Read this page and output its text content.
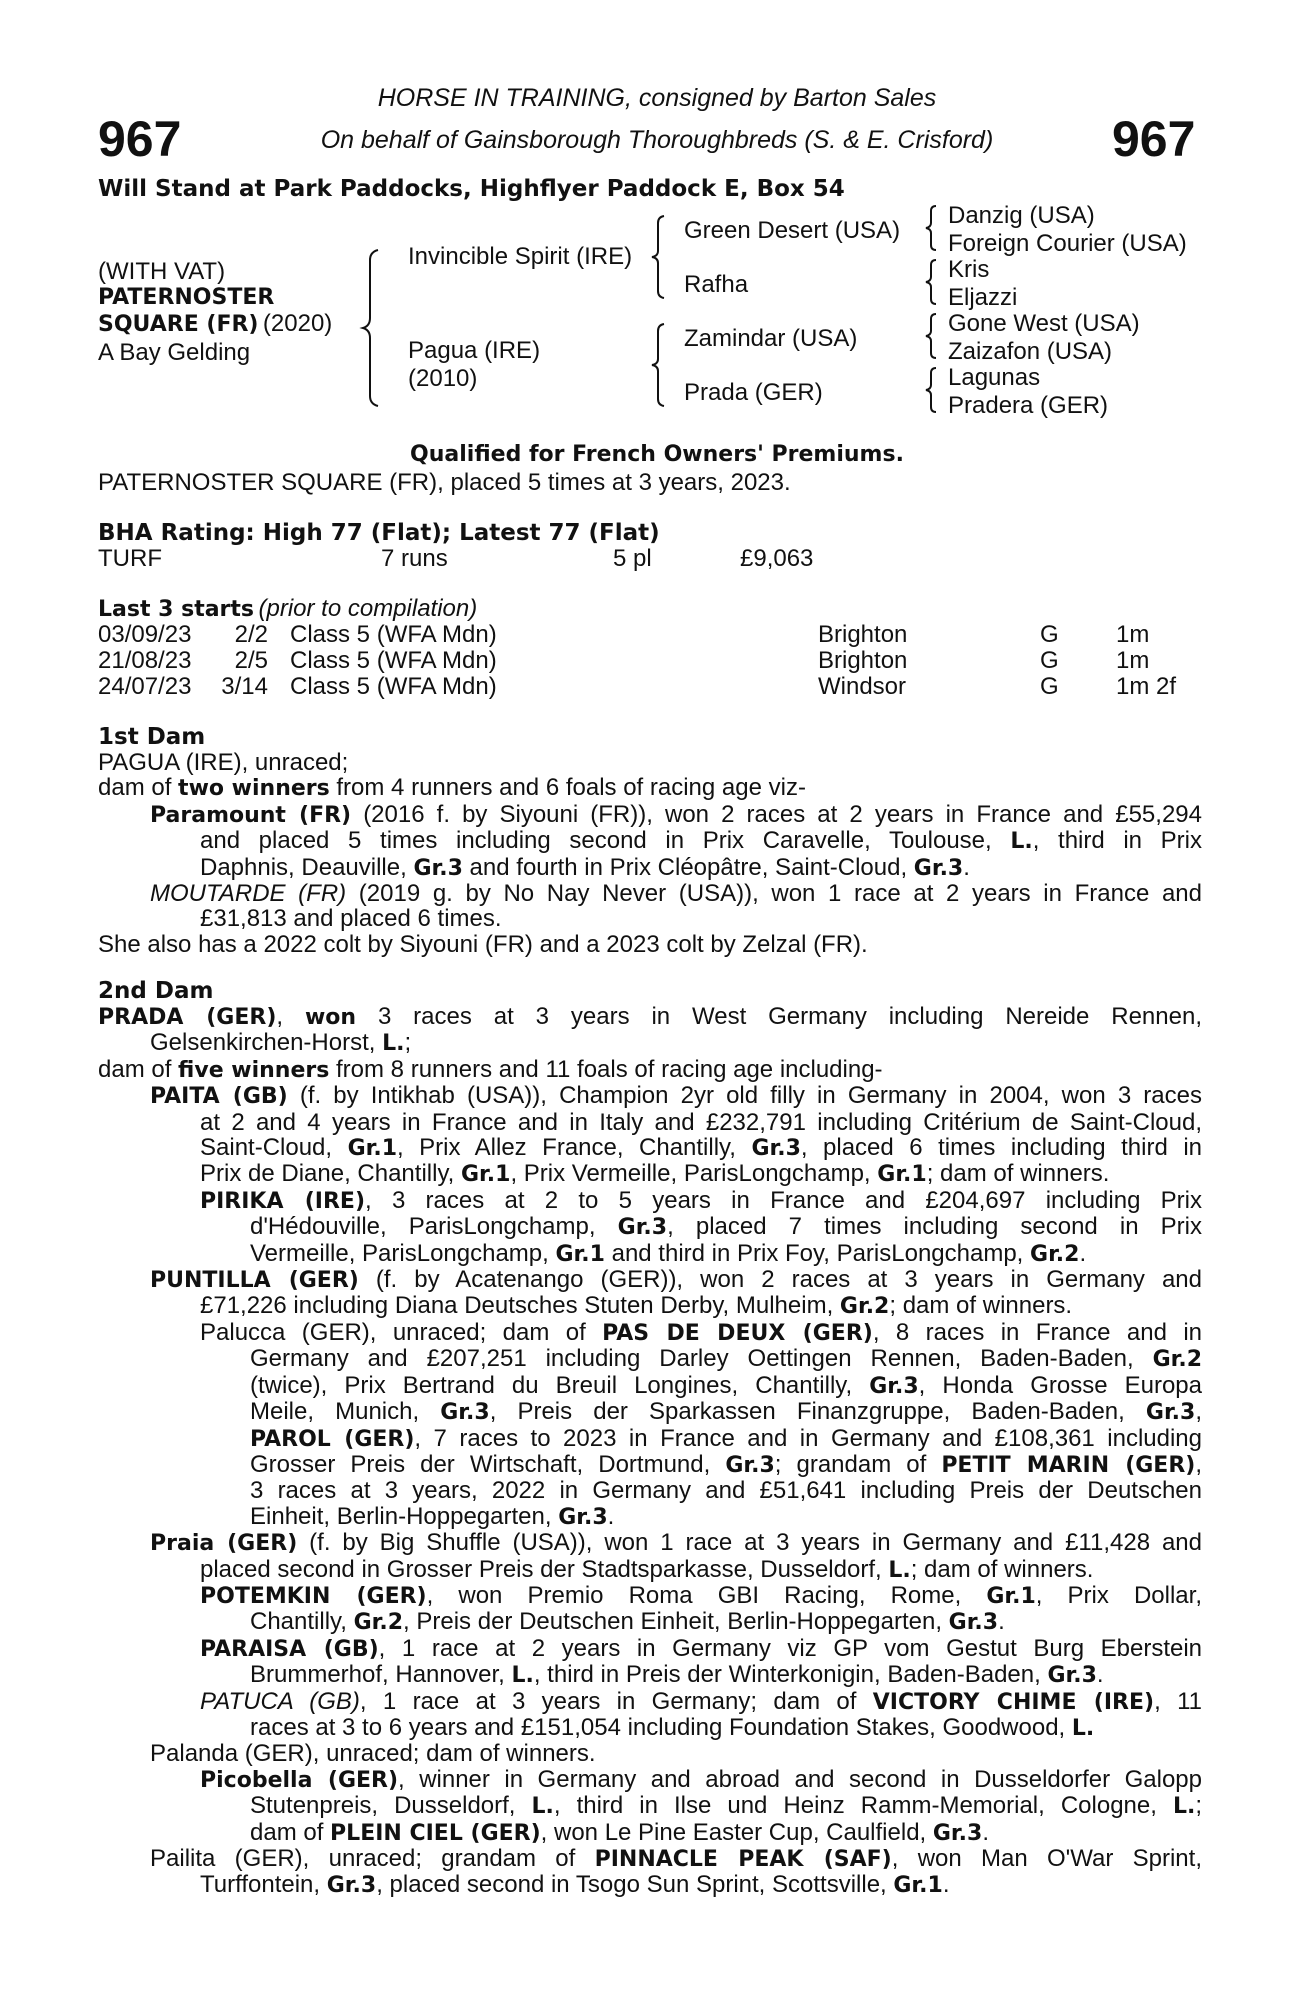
967	967
HORSE IN TRAINING, consigned by Barton Sales
On behalf of Gainsborough Thoroughbreds (S. & E. Crisford)
Will Stand at Park Paddocks, Highflyer Paddock E, Box 54
(WITH VAT)
PATERNOSTER
SQUARE (FR) (2020)
A Bay Gelding
Invincible Spirit (IRE)
Pagua (IRE)
(2010)
Green Desert (USA)
Rafha
Zamindar (USA)
Prada (GER)
Danzig (USA)
Foreign Courier (USA)
Kris
Eljazzi
Gone West (USA)
Zaizafon (USA)
Lagunas
Pradera (GER)
Qualified for French Owners' Premiums.
PATERNOSTER SQUARE (FR), placed 5 times at 3 years, 2023.
BHA Rating: High 77 (Flat); Latest 77 (Flat)
TURF	7 runs	5 pl	£9,063
Last 3 starts (prior to compilation)
03/09/23	2/2 Class 5 (WFA Mdn)	Brighton	G 1m
21/08/23	2/5 Class 5 (WFA Mdn)	Brighton	G 1m
24/07/23	3/14 Class 5 (WFA Mdn)	Windsor	G 1m 2f
1st Dam
PAGUA (IRE), unraced;
dam of two winners from 4 runners and 6 foals of racing age viz-
Paramount (FR) (2016 f. by Siyouni (FR)), won 2 races at 2 years in France and £55,294
and placed 5 times including second in Prix Caravelle, Toulouse, L., third in Prix
Daphnis, Deauville, Gr.3 and fourth in Prix Cléopâtre, Saint-Cloud, Gr.3.
MOUTARDE (FR) (2019 g. by No Nay Never (USA)), won 1 race at 2 years in France and
£31,813 and placed 6 times.
She also has a 2022 colt by Siyouni (FR) and a 2023 colt by Zelzal (FR).
2nd Dam
PRADA (GER), won 3 races at 3 years in West Germany including Nereide Rennen,
Gelsenkirchen-Horst, L.;
dam of five winners from 8 runners and 11 foals of racing age including-
PAITA (GB) (f. by Intikhab (USA)), Champion 2yr old filly in Germany in 2004, won 3 races
at 2 and 4 years in France and in Italy and £232,791 including Critérium de Saint-Cloud,
Saint-Cloud, Gr.1, Prix Allez France, Chantilly, Gr.3, placed 6 times including third in
Prix de Diane, Chantilly, Gr.1, Prix Vermeille, ParisLongchamp, Gr.1; dam of winners.
PIRIKA (IRE), 3 races at 2 to 5 years in France and £204,697 including Prix
d'Hédouville, ParisLongchamp, Gr.3, placed 7 times including second in Prix
Vermeille, ParisLongchamp, Gr.1 and third in Prix Foy, ParisLongchamp, Gr.2.
PUNTILLA (GER) (f. by Acatenango (GER)), won 2 races at 3 years in Germany and
£71,226 including Diana Deutsches Stuten Derby, Mulheim, Gr.2; dam of winners.
Palucca (GER), unraced; dam of PAS DE DEUX (GER), 8 races in France and in
Germany and £207,251 including Darley Oettingen Rennen, Baden-Baden, Gr.2
(twice), Prix Bertrand du Breuil Longines, Chantilly, Gr.3, Honda Grosse Europa
Meile, Munich, Gr.3, Preis der Sparkassen Finanzgruppe, Baden-Baden, Gr.3,
PAROL (GER), 7 races to 2023 in France and in Germany and £108,361 including
Grosser Preis der Wirtschaft, Dortmund, Gr.3; grandam of PETIT MARIN (GER),
3 races at 3 years, 2022 in Germany and £51,641 including Preis der Deutschen
Einheit, Berlin-Hoppegarten, Gr.3.
Praia (GER) (f. by Big Shuffle (USA)), won 1 race at 3 years in Germany and £11,428 and
placed second in Grosser Preis der Stadtsparkasse, Dusseldorf, L.; dam of winners.
POTEMKIN (GER), won Premio Roma GBI Racing, Rome, Gr.1, Prix Dollar,
Chantilly, Gr.2, Preis der Deutschen Einheit, Berlin-Hoppegarten, Gr.3.
PARAISA (GB), 1 race at 2 years in Germany viz GP vom Gestut Burg Eberstein
Brummerhof, Hannover, L., third in Preis der Winterkonigin, Baden-Baden, Gr.3.
PATUCA (GB), 1 race at 3 years in Germany; dam of VICTORY CHIME (IRE), 11
races at 3 to 6 years and £151,054 including Foundation Stakes, Goodwood, L.
Palanda (GER), unraced; dam of winners.
Picobella (GER), winner in Germany and abroad and second in Dusseldorfer Galopp
Stutenpreis, Dusseldorf, L., third in Ilse und Heinz Ramm-Memorial, Cologne, L.;
dam of PLEIN CIEL (GER), won Le Pine Easter Cup, Caulfield, Gr.3.
Pailita (GER), unraced; grandam of PINNACLE PEAK (SAF), won Man O'War Sprint,
Turffontein, Gr.3, placed second in Tsogo Sun Sprint, Scottsville, Gr.1.
